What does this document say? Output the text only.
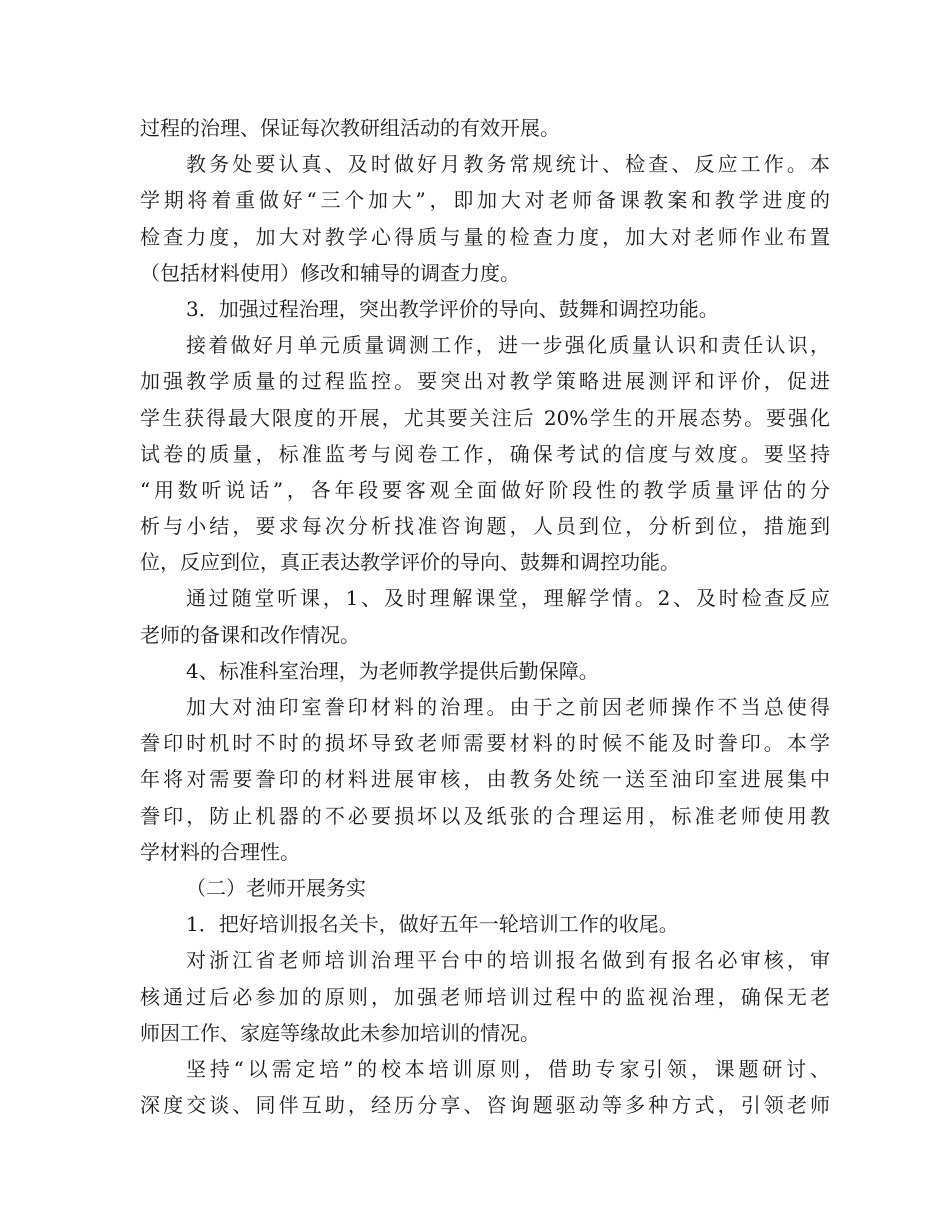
过程的治理、保证每次教研组活动的有效开展。
教务处要认真、及时做好月教务常规统计、检查、反应工作。本
学期将着重做好“三个加大”，即加大对老师备课教案和教学进度的
检查力度，加大对教学心得质与量的检查力度，加大对老师作业布置
（包括材料使用）修改和辅导的调查力度。
3．加强过程治理，突出教学评价的导向、鼓舞和调控功能。
接着做好月单元质量调测工作，进一步强化质量认识和责任认识，
加强教学质量的过程监控。要突出对教学策略进展测评和评价，促进
学生获得最大限度的开展，尤其要关注后 20%学生的开展态势。要强化
试卷的质量，标准监考与阅卷工作，确保考试的信度与效度。要坚持
“用数听说话”，各年段要客观全面做好阶段性的教学质量评估的分
析与小结，要求每次分析找准咨询题，人员到位，分析到位，措施到
位，反应到位，真正表达教学评价的导向、鼓舞和调控功能。
通过随堂听课，1、及时理解课堂，理解学情。2、及时检查反应
老师的备课和改作情况。
4、标准科室治理，为老师教学提供后勤保障。
加大对油印室誊印材料的治理。由于之前因老师操作不当总使得
誊印时机时不时的损坏导致老师需要材料的时候不能及时誊印。本学
年将对需要誊印的材料进展审核，由教务处统一送至油印室进展集中
誊印，防止机器的不必要损坏以及纸张的合理运用，标准老师使用教
学材料的合理性。
（二）老师开展务实
1．把好培训报名关卡，做好五年一轮培训工作的收尾。
对浙江省老师培训治理平台中的培训报名做到有报名必审核，审
核通过后必参加的原则，加强老师培训过程中的监视治理，确保无老
师因工作、家庭等缘故此未参加培训的情况。
坚持“以需定培”的校本培训原则，借助专家引领，课题研讨、
深度交谈、同伴互助，经历分享、咨询题驱动等多种方式，引领老师
